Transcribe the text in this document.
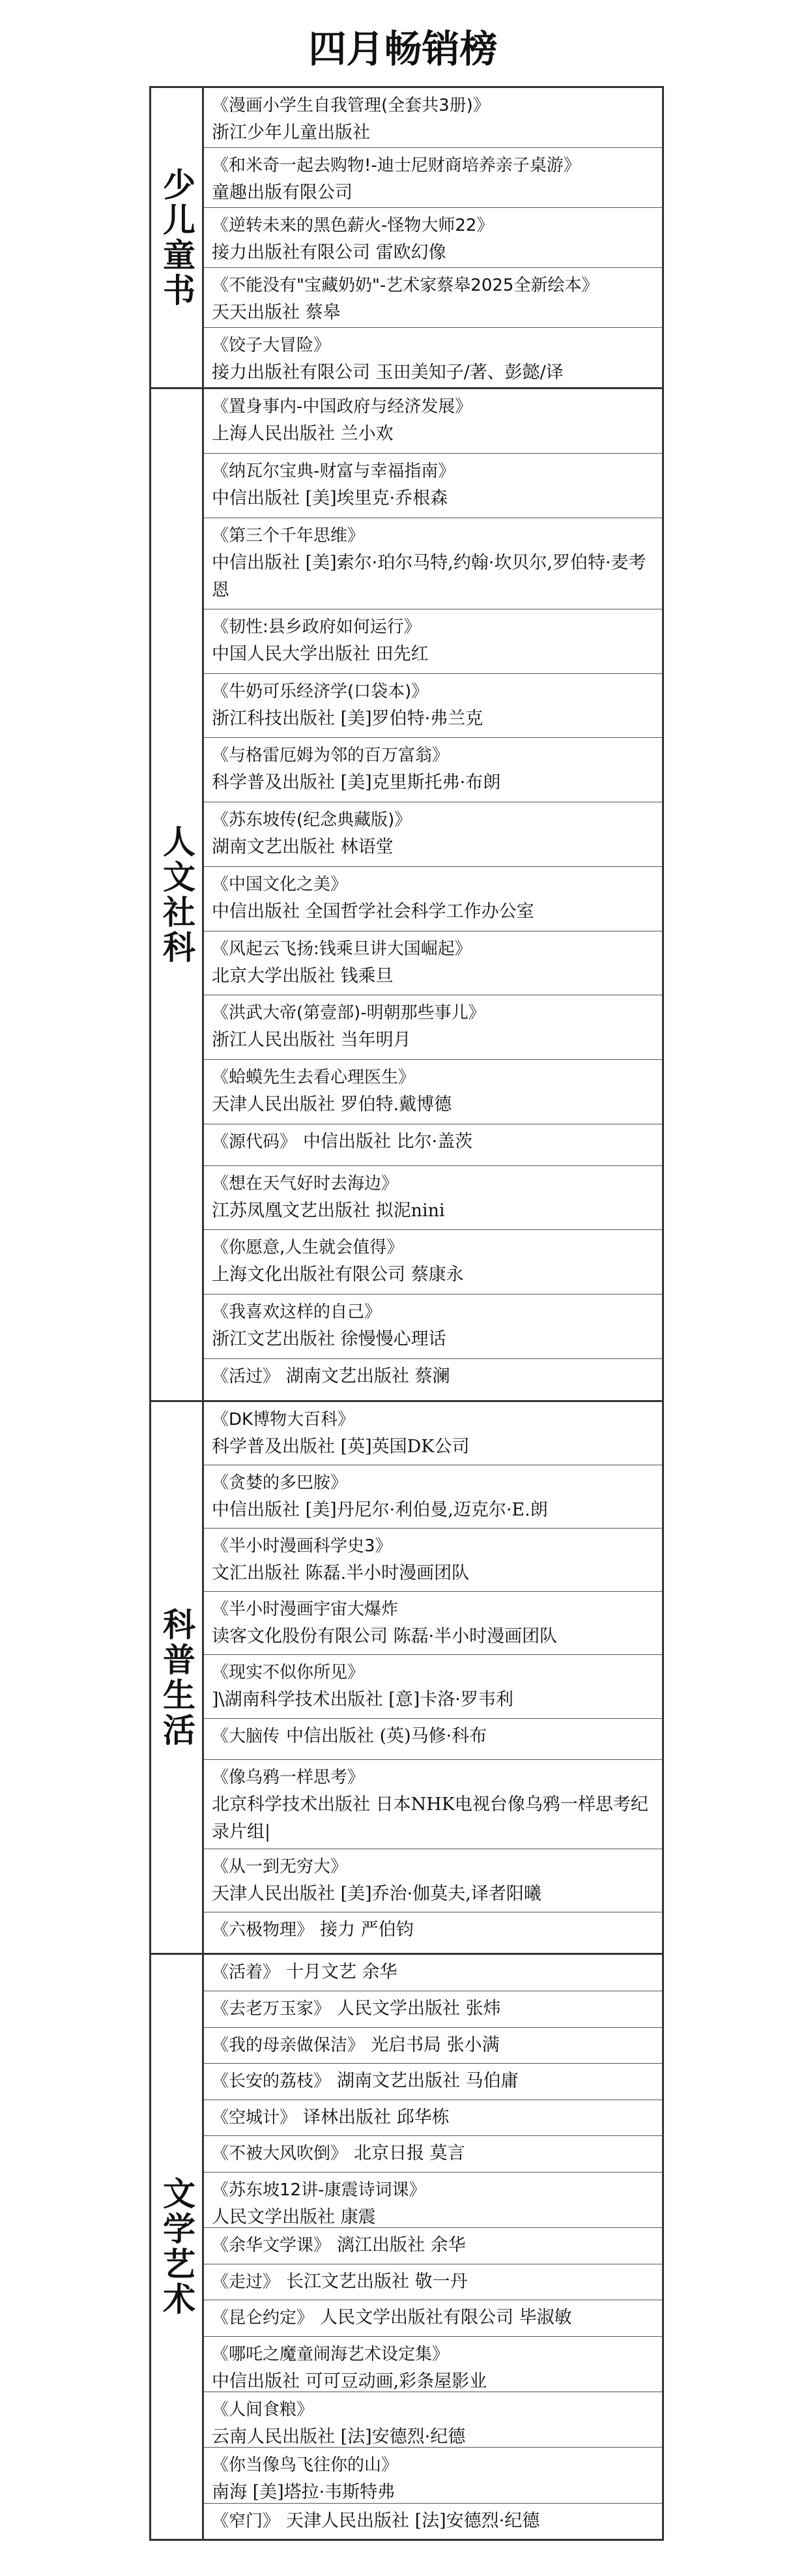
四月畅销榜
少儿童书
《漫画小学生自我管理(全套共3册)》
浙江少年儿童出版社
《和米奇一起去购物!-迪士尼财商培养亲子桌游》
童趣出版有限公司
《逆转未来的黑色薪火-怪物大师22》
接力出版社有限公司 雷欧幻像
《不能没有"宝藏奶奶"-艺术家蔡皋2025全新绘本》
天天出版社 蔡皋
《饺子大冒险》
接力出版社有限公司 玉田美知子/著、彭懿/译
人文社科
《置身事内-中国政府与经济发展》
上海人民出版社 兰小欢
《纳瓦尔宝典-财富与幸福指南》
中信出版社 [美]埃里克·乔根森
《第三个千年思维》
中信出版社 [美]索尔·珀尔马特,约翰·坎贝尔,罗伯特·麦考恩
《韧性:县乡政府如何运行》
中国人民大学出版社 田先红
《牛奶可乐经济学(口袋本)》
浙江科技出版社 [美]罗伯特·弗兰克
《与格雷厄姆为邻的百万富翁》
科学普及出版社 [美]克里斯托弗·布朗
《苏东坡传(纪念典藏版)》
湖南文艺出版社 林语堂
《中国文化之美》
中信出版社 全国哲学社会科学工作办公室
《风起云飞扬:钱乘旦讲大国崛起》
北京大学出版社 钱乘旦
《洪武大帝(第壹部)-明朝那些事儿》
浙江人民出版社 当年明月
《蛤蟆先生去看心理医生》
天津人民出版社 罗伯特.戴博德
《源代码》 中信出版社 比尔·盖茨
《想在天气好时去海边》
江苏凤凰文艺出版社 拟泥nini
《你愿意,人生就会值得》
上海文化出版社有限公司 蔡康永
《我喜欢这样的自己》
浙江文艺出版社 徐慢慢心理话
《活过》 湖南文艺出版社 蔡澜
科普生活
《DK博物大百科》
科学普及出版社 [英]英国DK公司
《贪婪的多巴胺》
中信出版社 [美]丹尼尔·利伯曼,迈克尔·E.朗
《半小时漫画科学史3》
文汇出版社 陈磊.半小时漫画团队
《半小时漫画宇宙大爆炸
读客文化股份有限公司 陈磊·半小时漫画团队
《现实不似你所见》
]\湖南科学技术出版社 [意]卡洛·罗韦利
《大脑传 中信出版社 (英)马修·科布
《像乌鸦一样思考》
北京科学技术出版社 日本NHK电视台像乌鸦一样思考纪录片组|
《从一到无穷大》
天津人民出版社 [美]乔治·伽莫夫,译者阳曦
《六极物理》 接力 严伯钧
文学艺术
《活着》 十月文艺 余华
《去老万玉家》 人民文学出版社 张炜
《我的母亲做保洁》 光启书局 张小满
《长安的荔枝》 湖南文艺出版社 马伯庸
《空城计》 译林出版社 邱华栋
《不被大风吹倒》 北京日报 莫言
《苏东坡12讲-康震诗词课》
人民文学出版社 康震
《余华文学课》 漓江出版社 余华
《走过》 长江文艺出版社 敬一丹
《昆仑约定》 人民文学出版社有限公司 毕淑敏
《哪吒之魔童闹海艺术设定集》
中信出版社 可可豆动画,彩条屋影业
《人间食粮》
云南人民出版社 [法]安德烈·纪德
《你当像鸟飞往你的山》
南海 [美]塔拉·韦斯特弗
《窄门》 天津人民出版社 [法]安德烈·纪德
